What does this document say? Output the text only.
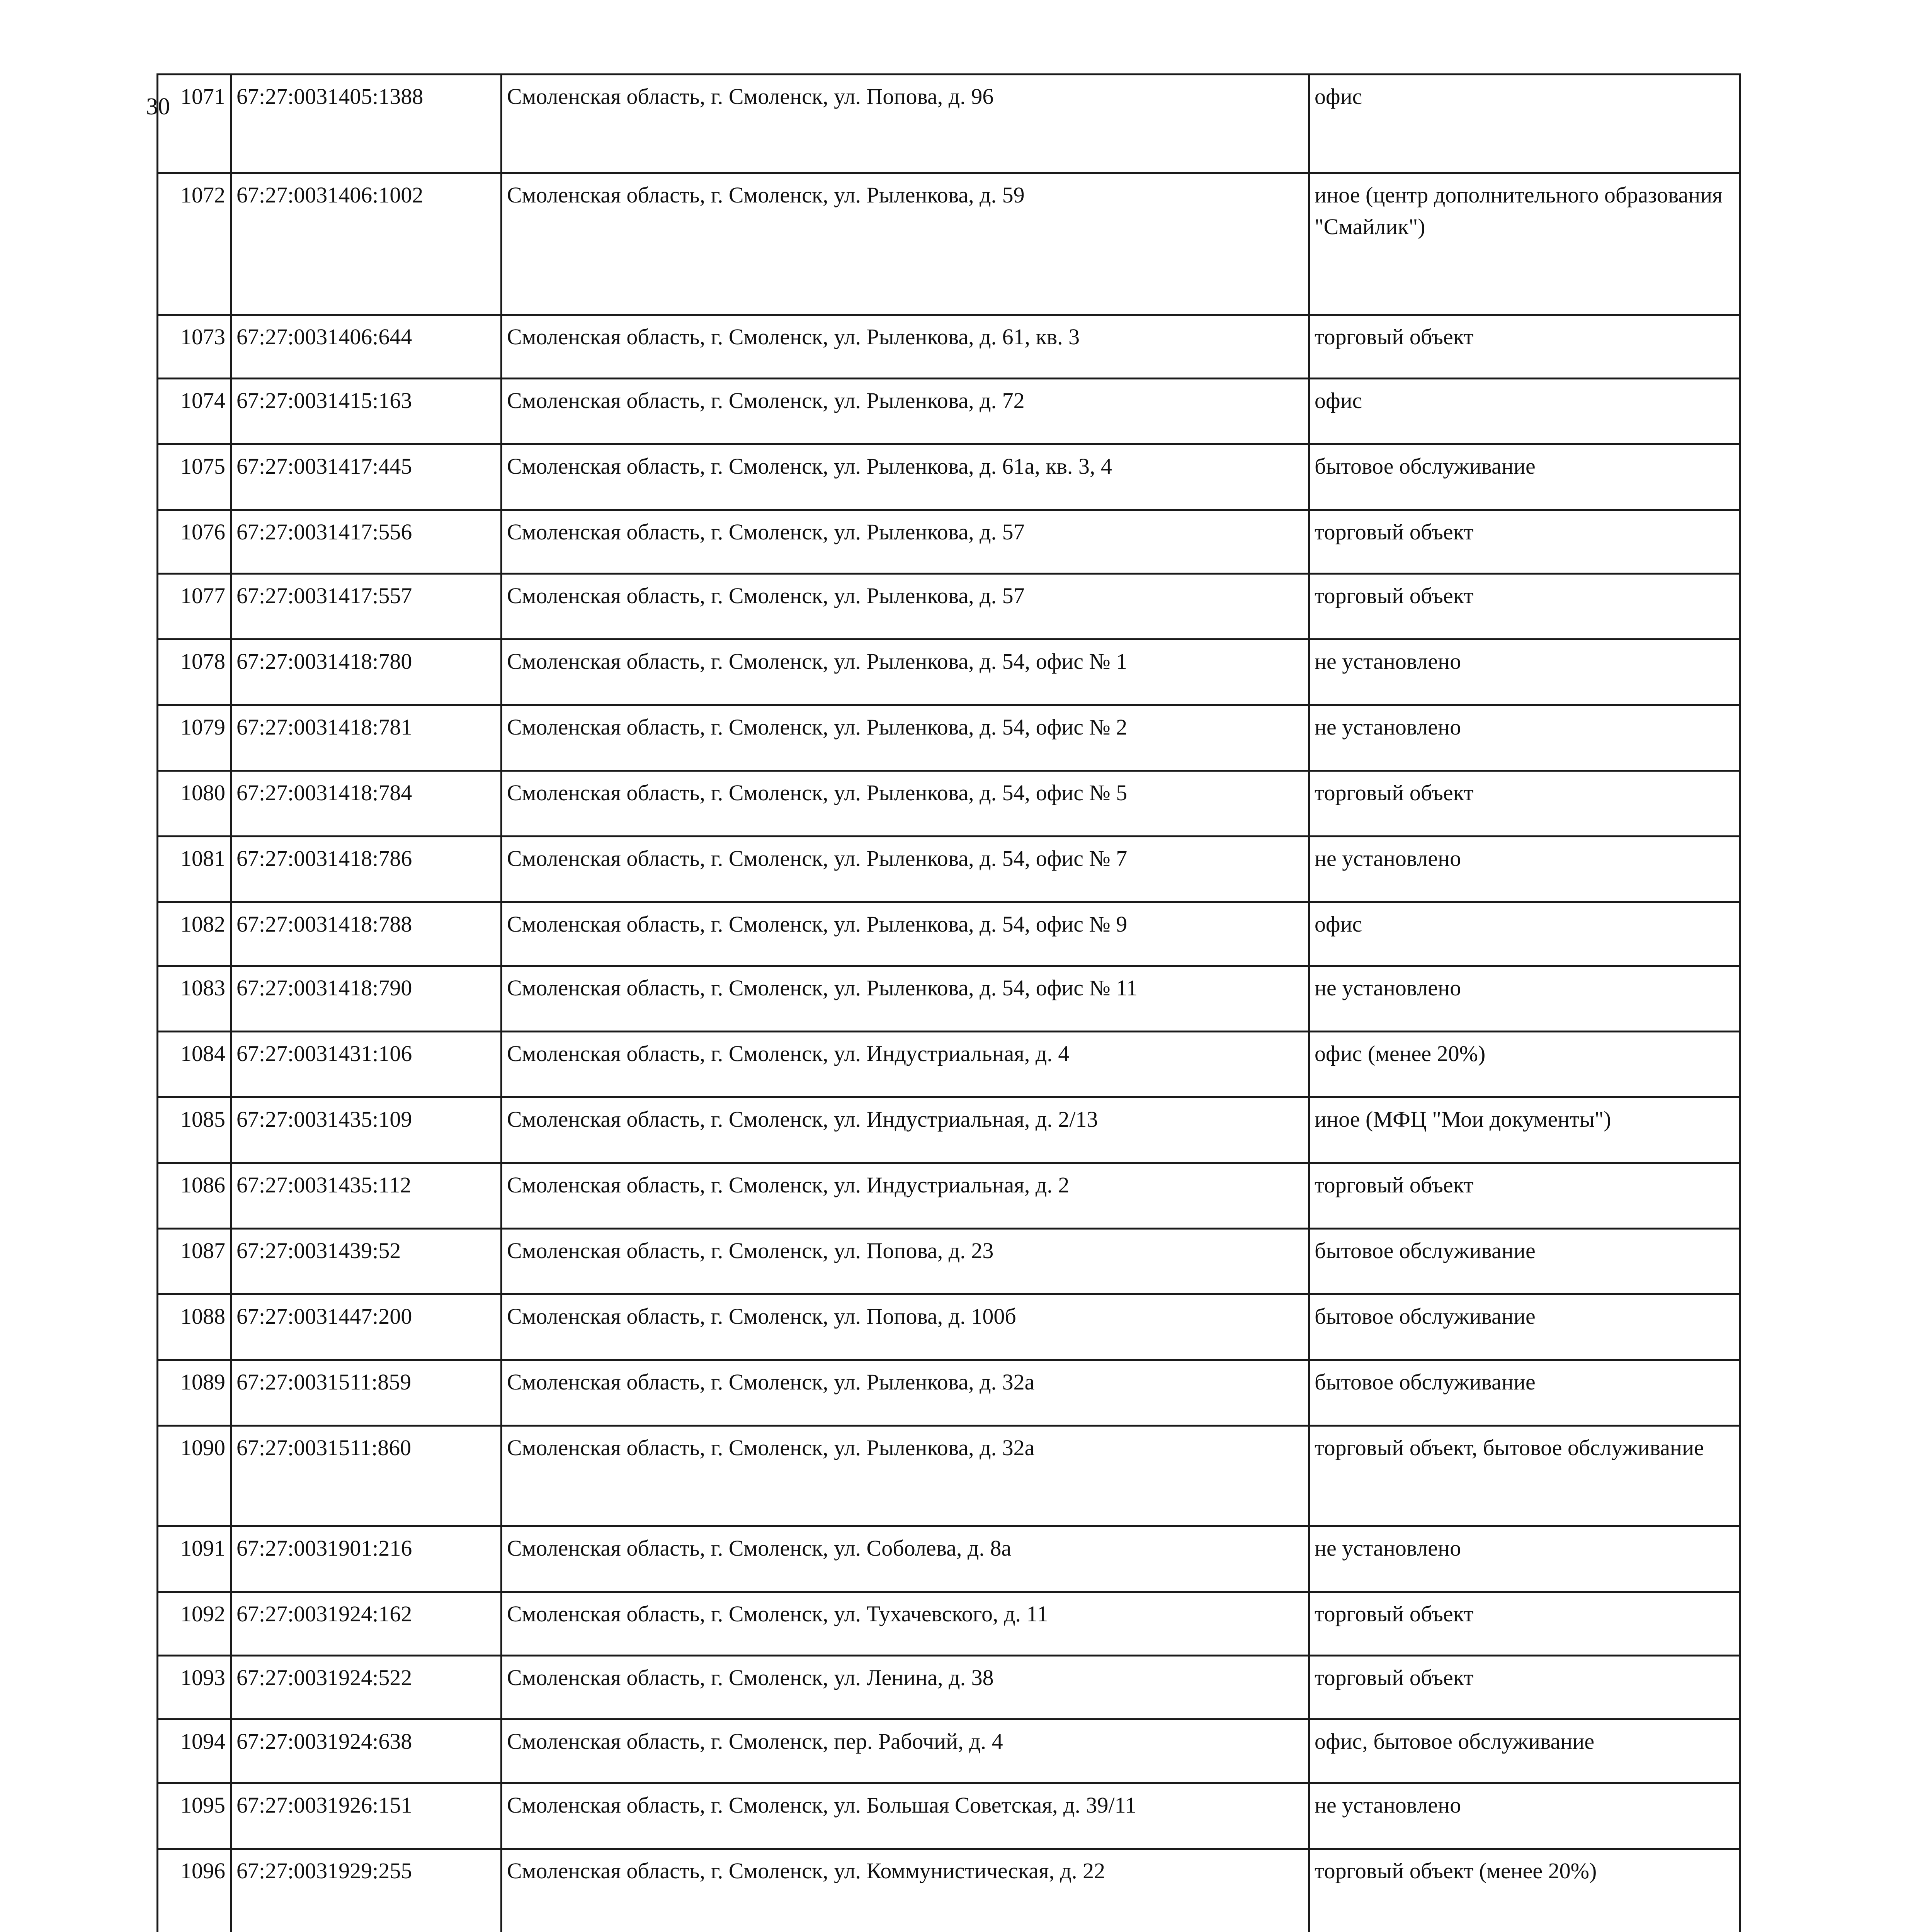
30 1071	67:27:0031405:1388	Смоленская область, г. Смоленск, ул. Попова, д. 96	офис
1072	67:27:0031406:1002	Смоленская область, г. Смоленск, ул. Рыленкова, д. 59	иное (центр дополнительного образования "Смайлик")
1073	67:27:0031406:644	Смоленская область, г. Смоленск, ул. Рыленкова, д. 61, кв. 3	торговый объект
1074	67:27:0031415:163	Смоленская область, г. Смоленск, ул. Рыленкова, д. 72	офис
1075	67:27:0031417:445	Смоленская область, г. Смоленск, ул. Рыленкова, д. 61а, кв. 3, 4	бытовое обслуживание
1076	67:27:0031417:556	Смоленская область, г. Смоленск, ул. Рыленкова, д. 57	торговый объект
1077	67:27:0031417:557	Смоленская область, г. Смоленск, ул. Рыленкова, д. 57	торговый объект
1078	67:27:0031418:780	Смоленская область, г. Смоленск, ул. Рыленкова, д. 54, офис № 1	не установлено
1079	67:27:0031418:781	Смоленская область, г. Смоленск, ул. Рыленкова, д. 54, офис № 2	не установлено
1080	67:27:0031418:784	Смоленская область, г. Смоленск, ул. Рыленкова, д. 54, офис № 5	торговый объект
1081	67:27:0031418:786	Смоленская область, г. Смоленск, ул. Рыленкова, д. 54, офис № 7	не установлено
1082	67:27:0031418:788	Смоленская область, г. Смоленск, ул. Рыленкова, д. 54, офис № 9	офис
1083	67:27:0031418:790	Смоленская область, г. Смоленск, ул. Рыленкова, д. 54, офис № 11	не установлено
1084	67:27:0031431:106	Смоленская область, г. Смоленск, ул. Индустриальная, д. 4	офис (менее 20%)
1085	67:27:0031435:109	Смоленская область, г. Смоленск, ул. Индустриальная, д. 2/13	иное (МФЦ "Мои документы")
1086	67:27:0031435:112	Смоленская область, г. Смоленск, ул. Индустриальная, д. 2	торговый объект
1087	67:27:0031439:52	Смоленская область, г. Смоленск, ул. Попова, д. 23	бытовое обслуживание
1088	67:27:0031447:200	Смоленская область, г. Смоленск, ул. Попова, д. 100б	бытовое обслуживание
1089	67:27:0031511:859	Смоленская область, г. Смоленск, ул. Рыленкова, д. 32а	бытовое обслуживание
1090	67:27:0031511:860	Смоленская область, г. Смоленск, ул. Рыленкова, д. 32а	торговый объект, бытовое обслуживание
1091	67:27:0031901:216	Смоленская область, г. Смоленск, ул. Соболева, д. 8а	не установлено
1092	67:27:0031924:162	Смоленская область, г. Смоленск, ул. Тухачевского, д. 11	торговый объект
1093	67:27:0031924:522	Смоленская область, г. Смоленск, ул. Ленина, д. 38	торговый объект
1094	67:27:0031924:638	Смоленская область, г. Смоленск, пер. Рабочий, д. 4	офис, бытовое обслуживание
1095	67:27:0031926:151	Смоленская область, г. Смоленск, ул. Большая Советская, д. 39/11	не установлено
1096	67:27:0031929:255	Смоленская область, г. Смоленск, ул. Коммунистическая, д. 22	торговый объект (менее 20%)
